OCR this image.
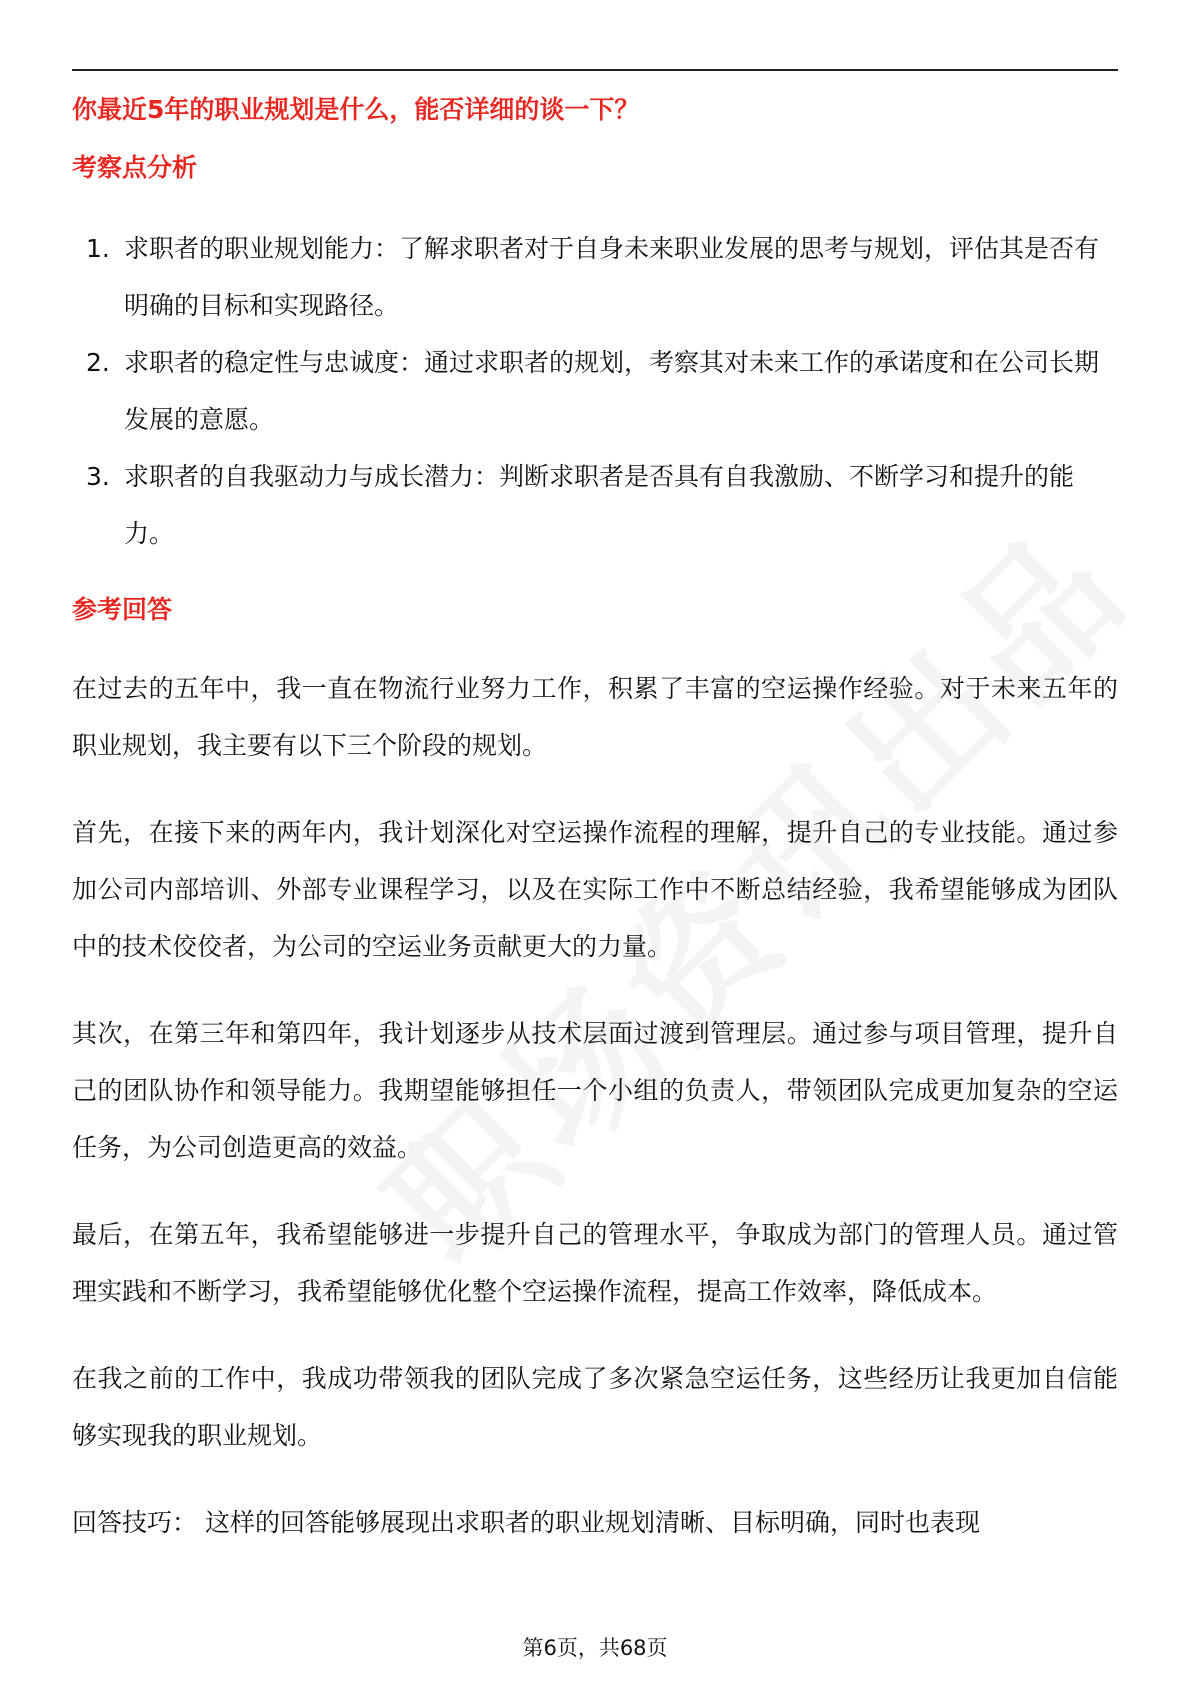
你最近5年的职业规划是什么，能否详细的谈一下？
考察点分析
1. 求职者的职业规划能力：了解求职者对于自身未来职业发展的思考与规划，评估其是否有明确的目标和实现路径。
2. 求职者的稳定性与忠诚度：通过求职者的规划，考察其对未来工作的承诺度和在公司长期发展的意愿。
3. 求职者的自我驱动力与成长潜力：判断求职者是否具有自我激励、不断学习和提升的能力。
参考回答

在过去的五年中，我一直在物流行业努力工作，积累了丰富的空运操作经验。对于未来五年的职业规划，我主要有以下三个阶段的规划。

首先，在接下来的两年内，我计划深化对空运操作流程的理解，提升自己的专业技能。通过参加公司内部培训、外部专业课程学习，以及在实际工作中不断总结经验，我希望能够成为团队中的技术佼佼者，为公司的空运业务贡献更大的力量。

其次，在第三年和第四年，我计划逐步从技术层面过渡到管理层。通过参与项目管理，提升自己的团队协作和领导能力。我期望能够担任一个小组的负责人，带领团队完成更加复杂的空运任务，为公司创造更高的效益。

最后，在第五年，我希望能够进一步提升自己的管理水平，争取成为部门的管理人员。通过管理实践和不断学习，我希望能够优化整个空运操作流程，提高工作效率，降低成本。

在我之前的工作中，我成功带领我的团队完成了多次紧急空运任务，这些经历让我更加自信能够实现我的职业规划。

回答技巧： 这样的回答能够展现出求职者的职业规划清晰、目标明确，同时也表现

第6页，共68页
